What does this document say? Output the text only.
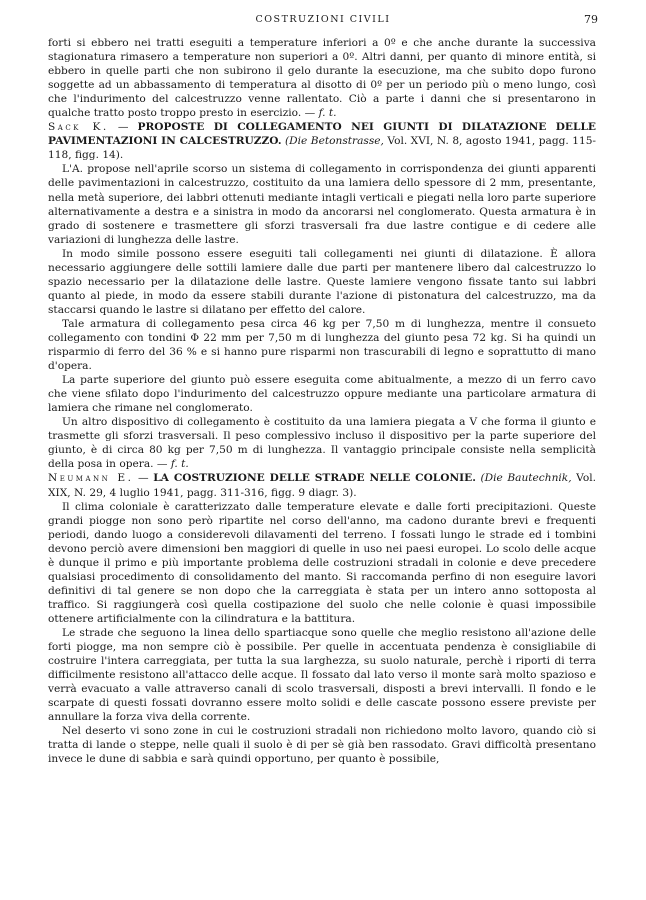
COSTRUZIONI CIVILI	79

forti si ebbero nei tratti eseguiti a temperature inferiori a 0º e che anche durante la successiva stagionatura rimasero a temperature non superiori a 0º. Altri danni, per quanto di minore entità, si ebbero in quelle parti che non subirono il gelo durante la esecuzione, ma che subito dopo furono soggette ad un abbassamento di temperatura al disotto di 0º per un periodo più o meno lungo, così che l'indurimento del calcestruzzo venne rallentato. Ciò a parte i danni che si presentarono in qualche tratto posto troppo presto in esercizio. — f. t.

Sack K. — PROPOSTE DI COLLEGAMENTO NEI GIUNTI DI DILATAZIONE DELLE PAVIMENTAZIONI IN CALCESTRUZZO. (Die Betonstrasse, Vol. XVI, N. 8, agosto 1941, pagg. 115-118, figg. 14).

L'A. propose nell'aprile scorso un sistema di collegamento in corrispondenza dei giunti apparenti delle pavimentazioni in calcestruzzo, costituito da una lamiera dello spessore di 2 mm, presentante, nella metà superiore, dei labbri ottenuti mediante intagli verticali e piegati nella loro parte superiore alternativamente a destra e a sinistra in modo da ancorarsi nel conglomerato. Questa armatura è in grado di sostenere e trasmettere gli sforzi trasversali fra due lastre contigue e di cedere alle variazioni di lunghezza delle lastre.

In modo simile possono essere eseguiti tali collegamenti nei giunti di dilatazione. È allora necessario aggiungere delle sottili lamiere dalle due parti per mantenere libero dal calcestruzzo lo spazio necessario per la dilatazione delle lastre. Queste lamiere vengono fissate tanto sui labbri quanto al piede, in modo da essere stabili durante l'azione di pistonatura del calcestruzzo, ma da staccarsi quando le lastre si dilatano per effetto del calore.

Tale armatura di collegamento pesa circa 46 kg per 7,50 m di lunghezza, mentre il consueto collegamento con tondini Φ 22 mm per 7,50 m di lunghezza del giunto pesa 72 kg. Si ha quindi un risparmio di ferro del 36 % e si hanno pure risparmi non trascurabili di legno e soprattutto di mano d'opera.

La parte superiore del giunto può essere eseguita come abitualmente, a mezzo di un ferro cavo che viene sfilato dopo l'indurimento del calcestruzzo oppure mediante una particolare armatura di lamiera che rimane nel conglomerato.

Un altro dispositivo di collegamento è costituito da una lamiera piegata a V che forma il giunto e trasmette gli sforzi trasversali. Il peso complessivo incluso il dispositivo per la parte superiore del giunto, è di circa 80 kg per 7,50 m di lunghezza. Il vantaggio principale consiste nella semplicità della posa in opera. — f. t.

Neumann E. — LA COSTRUZIONE DELLE STRADE NELLE COLONIE. (Die Bautechnik, Vol. XIX, N. 29, 4 luglio 1941, pagg. 311-316, figg. 9 diagr. 3).

Il clima coloniale è caratterizzato dalle temperature elevate e dalle forti precipitazioni. Queste grandi piogge non sono però ripartite nel corso dell'anno, ma cadono durante brevi e frequenti periodi, dando luogo a considerevoli dilavamenti del terreno. I fossati lungo le strade ed i tombini devono perciò avere dimensioni ben maggiori di quelle in uso nei paesi europei. Lo scolo delle acque è dunque il primo e più importante problema delle costruzioni stradali in colonie e deve precedere qualsiasi procedimento di consolidamento del manto. Si raccomanda perfino di non eseguire lavori definitivi di tal genere se non dopo che la carreggiata è stata per un intero anno sottoposta al traffico. Si raggiungerà così quella costipazione del suolo che nelle colonie è quasi impossibile ottenere artificialmente con la cilindratura e la battitura.

Le strade che seguono la linea dello spartiacque sono quelle che meglio resistono all'azione delle forti piogge, ma non sempre ciò è possibile. Per quelle in accentuata pendenza è consigliabile di costruire l'intera carreggiata, per tutta la sua larghezza, su suolo naturale, perchè i riporti di terra difficilmente resistono all'attacco delle acque. Il fossato dal lato verso il monte sarà molto spazioso e verrà evacuato a valle attraverso canali di scolo trasversali, disposti a brevi intervalli. Il fondo e le scarpate di questi fossati dovranno essere molto solidi e delle cascate possono essere previste per annullare la forza viva della corrente.

Nel deserto vi sono zone in cui le costruzioni stradali non richiedono molto lavoro, quando ciò si tratta di lande o steppe, nelle quali il suolo è di per sè già ben rassodato. Gravi difficoltà presentano invece le dune di sabbia e sarà quindi opportuno, per quanto è possibile,
